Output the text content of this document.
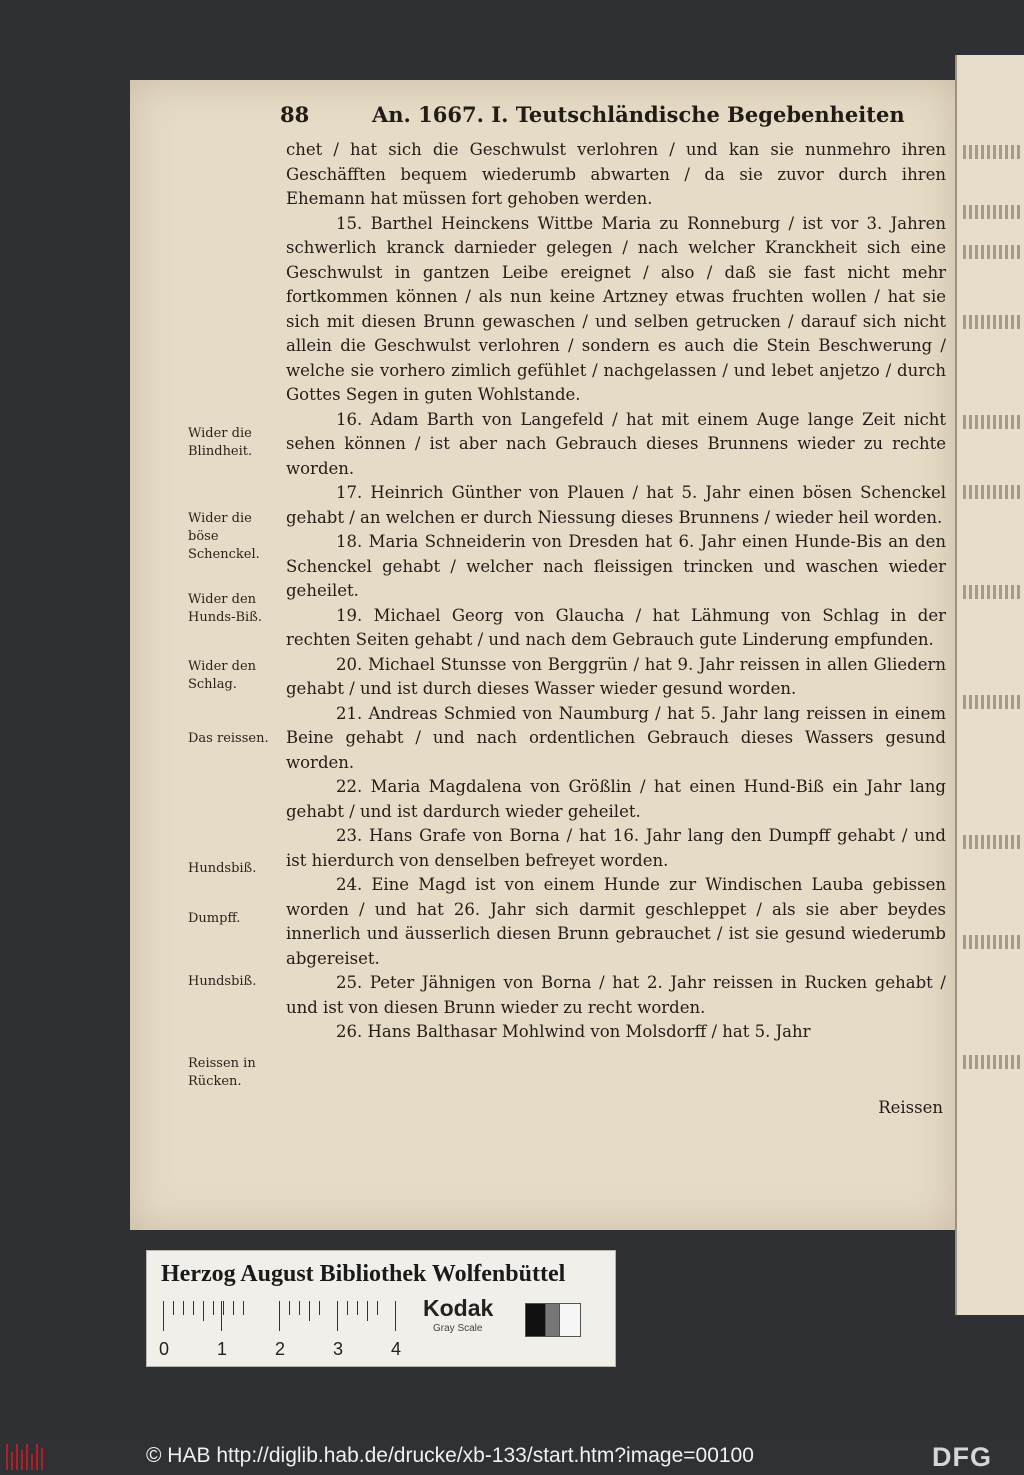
88	An. 1667. I. Teutschländische Begebenheiten
Wider die Blindheit.
Wider die böse Schenckel.
Wider den Hunds-Biß.
Wider den Schlag.
Das reissen.
Hundsbiß.
Dumpff.
Hundsbiß.
Reissen in Rücken.

chet / hat sich die Geschwulst verlohren / und kan sie nunmehro ihren Geschäfften bequem wiederumb abwarten / da sie zuvor durch ihren Ehemann hat müssen fort gehoben werden.

15. Barthel Heinckens Wittbe Maria zu Ronneburg / ist vor 3. Jahren schwerlich kranck darnieder gelegen / nach welcher Kranckheit sich eine Geschwulst in gantzen Leibe ereignet / also / daß sie fast nicht mehr fortkommen können / als nun keine Artzney etwas fruchten wollen / hat sie sich mit diesen Brunn gewaschen / und selben getrucken / darauf sich nicht allein die Geschwulst verlohren / sondern es auch die Stein Beschwerung / welche sie vorhero zimlich gefühlet / nachgelassen / und lebet anjetzo / durch Gottes Segen in guten Wohlstande.

16. Adam Barth von Langefeld / hat mit einem Auge lange Zeit nicht sehen können / ist aber nach Gebrauch dieses Brunnens wieder zu rechte worden.

17. Heinrich Günther von Plauen / hat 5. Jahr einen bösen Schenckel gehabt / an welchen er durch Niessung dieses Brunnens / wieder heil worden.

18. Maria Schneiderin von Dresden hat 6. Jahr einen Hunde-Bis an den Schenckel gehabt / welcher nach fleissigen trincken und waschen wieder geheilet.

19. Michael Georg von Glaucha / hat Lähmung von Schlag in der rechten Seiten gehabt / und nach dem Gebrauch gute Linderung empfunden.

20. Michael Stunsse von Berggrün / hat 9. Jahr reissen in allen Gliedern gehabt / und ist durch dieses Wasser wieder gesund worden.

21. Andreas Schmied von Naumburg / hat 5. Jahr lang reissen in einem Beine gehabt / und nach ordentlichen Gebrauch dieses Wassers gesund worden.

22. Maria Magdalena von Größlin / hat einen Hund-Biß ein Jahr lang gehabt / und ist dardurch wieder geheilet.

23. Hans Grafe von Borna / hat 16. Jahr lang den Dumpff gehabt / und ist hierdurch von denselben befreyet worden.

24. Eine Magd ist von einem Hunde zur Windischen Lauba gebissen worden / und hat 26. Jahr sich darmit geschleppet / als sie aber beydes innerlich und äusserlich diesen Brunn gebrauchet / ist sie gesund wiederumb abgereiset.

25. Peter Jähnigen von Borna / hat 2. Jahr reissen in Rucken gehabt / und ist von diesen Brunn wieder zu recht worden.

26. Hans Balthasar Mohlwind von Molsdorff / hat 5. Jahr

Reissen
Herzog August Bibliothek Wolfenbüttel
0	1	2	3	4
Kodak
Gray Scale
© HAB http://diglib.hab.de/drucke/xb-133/start.htm?image=00100	DFG
